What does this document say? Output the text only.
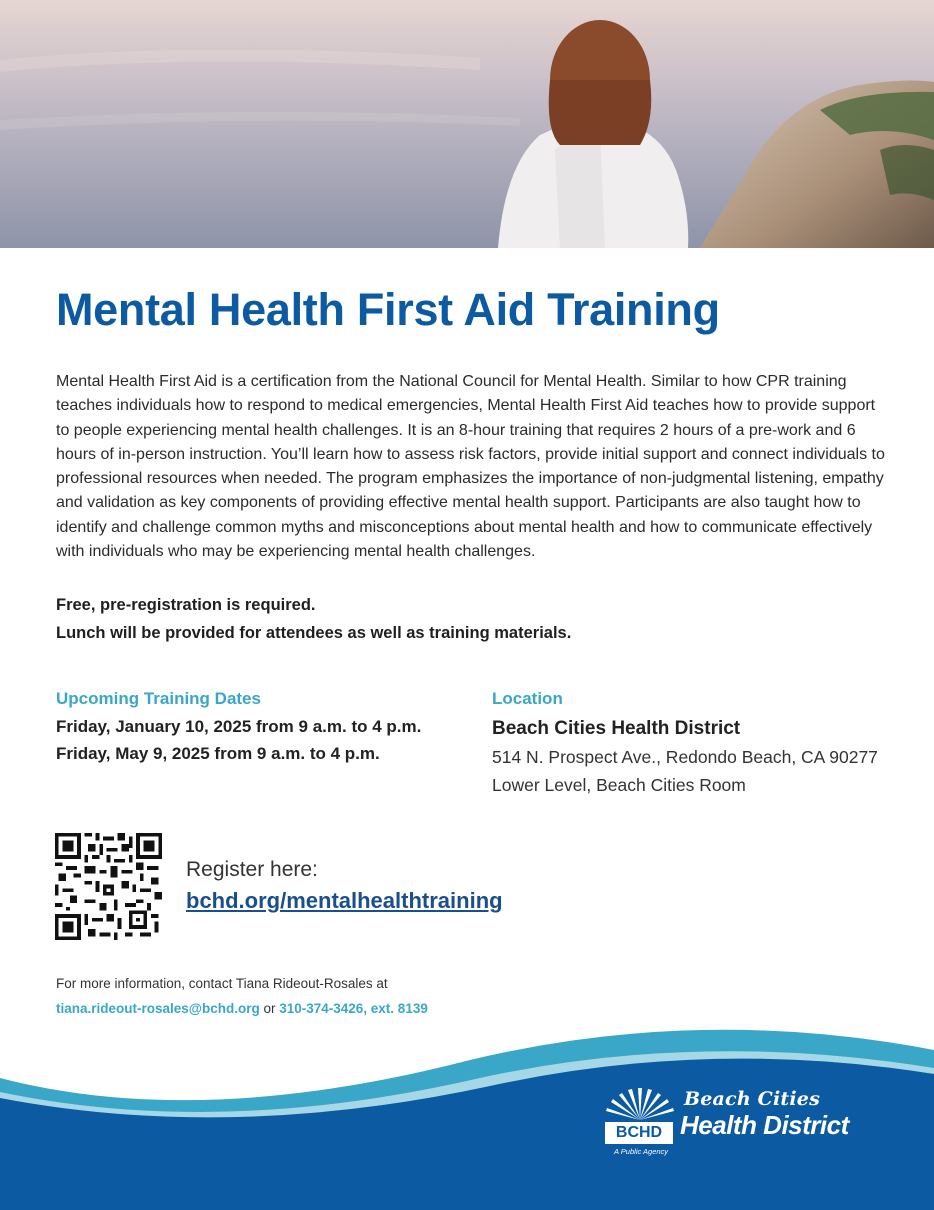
Mental Health First Aid Training

Mental Health First Aid is a certification from the National Council for Mental Health. Similar to how CPR training teaches individuals how to respond to medical emergencies, Mental Health First Aid teaches how to provide support to people experiencing mental health challenges. It is an 8-hour training that requires 2 hours of a pre-work and 6 hours of in-person instruction. You’ll learn how to assess risk factors, provide initial support and connect individuals to professional resources when needed. The program emphasizes the importance of non-judgmental listening, empathy and validation as key components of providing effective mental health support. Participants are also taught how to identify and challenge common myths and misconceptions about mental health and how to communicate effectively with individuals who may be experiencing mental health challenges.

Free, pre-registration is required.

Lunch will be provided for attendees as well as training materials.

Upcoming Training Dates

Friday, January 10, 2025 from 9 a.m. to 4 p.m.

Friday, May 9, 2025 from 9 a.m. to 4 p.m.

Location

Beach Cities Health District

514 N. Prospect Ave., Redondo Beach, CA 90277

Lower Level, Beach Cities Room

Register here:

bchd.org/mentalhealthtraining

For more information, contact Tiana Rideout-Rosales at

tiana.rideout-rosales@bchd.org or 310-374-3426, ext. 8139

BCHD

Beach Cities

Health District

A Public Agency
